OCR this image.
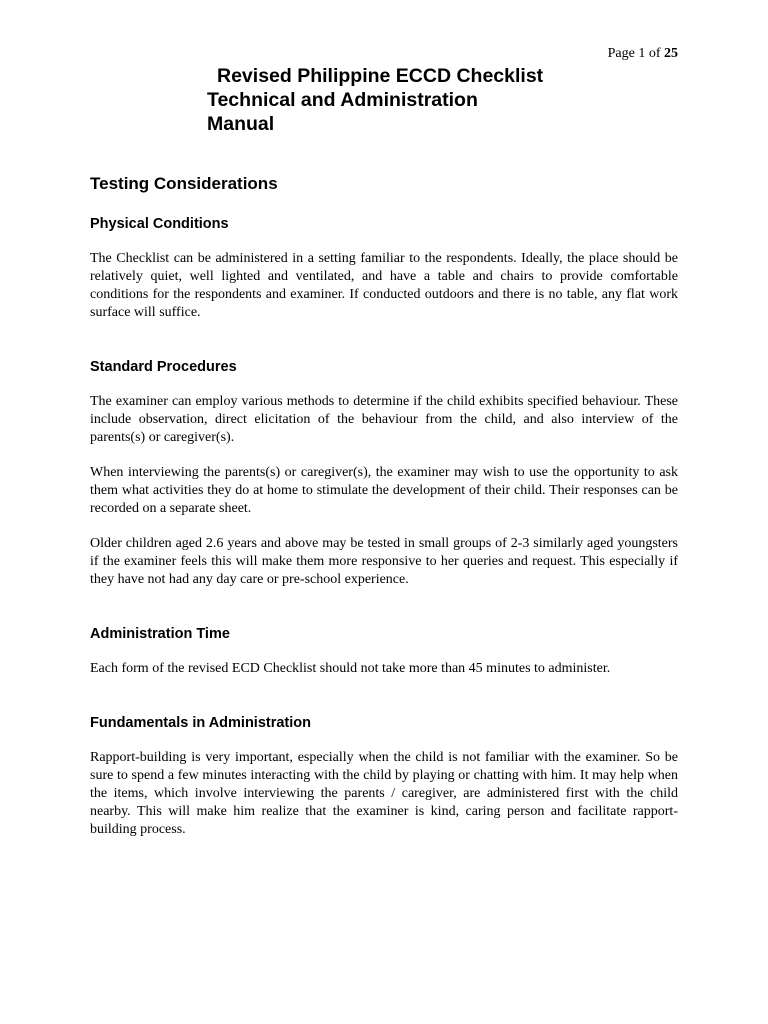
Page 1 of 25
Revised Philippine ECCD Checklist
Technical and Administration
Manual
Testing Considerations
Physical Conditions

The Checklist can be administered in a setting familiar to the respondents. Ideally, the place should be relatively quiet, well lighted and ventilated, and have a table and chairs to provide comfortable conditions for the respondents and examiner. If conducted outdoors and there is no table, any flat work surface will suffice.

Standard Procedures

The examiner can employ various methods to determine if the child exhibits specified behaviour. These include observation, direct elicitation of the behaviour from the child, and also interview of the parents(s) or caregiver(s).

When interviewing the parents(s) or caregiver(s), the examiner may wish to use the opportunity to ask them what activities they do at home to stimulate the development of their child. Their responses can be recorded on a separate sheet.

Older children aged 2.6 years and above may be tested in small groups of 2-3 similarly aged youngsters if the examiner feels this will make them more responsive to her queries and request. This especially if they have not had any day care or pre-school experience.

Administration Time

Each form of the revised ECD Checklist should not take more than 45 minutes to administer.

Fundamentals in Administration

Rapport-building is very important, especially when the child is not familiar with the examiner. So be sure to spend a few minutes interacting with the child by playing or chatting with him. It may help when the items, which involve interviewing the parents / caregiver, are administered first with the child nearby. This will make him realize that the examiner is kind, caring person and facilitate rapport-building process.
